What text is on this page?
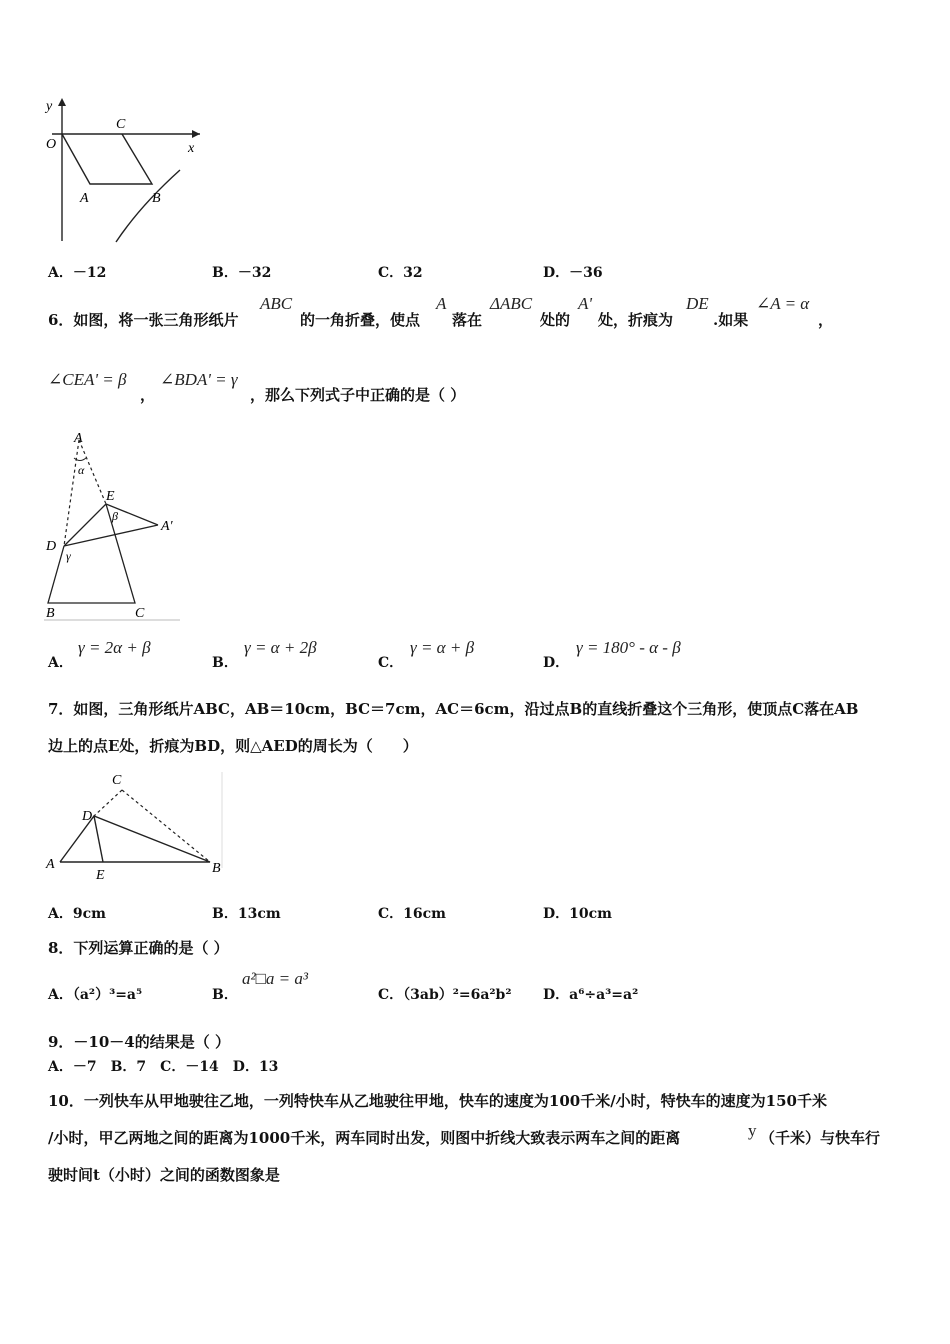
y
O
C
x
A	B
A．－12	B．－32	C．32	D．－36
6．如图，将一张三角形纸片
ABC
的一角折叠，使点
A
落在
ΔABC
处的
A'
处，折痕为
DE
.如果
∠A = α
，
∠CEA' = β
，
∠BDA' = γ
，那么下列式子中正确的是（ ）
A
α
E
β
A′
D
γ
B	C
A．
γ = 2α + β
B．
γ = α + 2β
C．
γ = α + β
D．
γ = 180° - α - β
7．如图，三角形纸片ABC，AB＝10cm，BC＝7cm，AC＝6cm，沿过点B的直线折叠这个三角形，使顶点C落在AB
边上的点E处，折痕为BD，则△AED的周长为（　　）
C
D
A
E	B
A．9cm	B．13cm	C．16cm	D．10cm
8．下列运算正确的是（ ）
A．（a²）³=a⁵	B．
a²□a = a³
C．（3ab）²=6a²b² D．a⁶÷a³=a²
9．－10－4的结果是（ ）
A．－7　B．7　C．－14　D．13
10．一列快车从甲地驶往乙地，一列特快车从乙地驶往甲地，快车的速度为100千米/小时，特快车的速度为150千米
/小时，甲乙两地之间的距离为1000千米，两车同时出发，则图中折线大致表示两车之间的距离	y （千米）与快车行
驶时间t（小时）之间的函数图象是
